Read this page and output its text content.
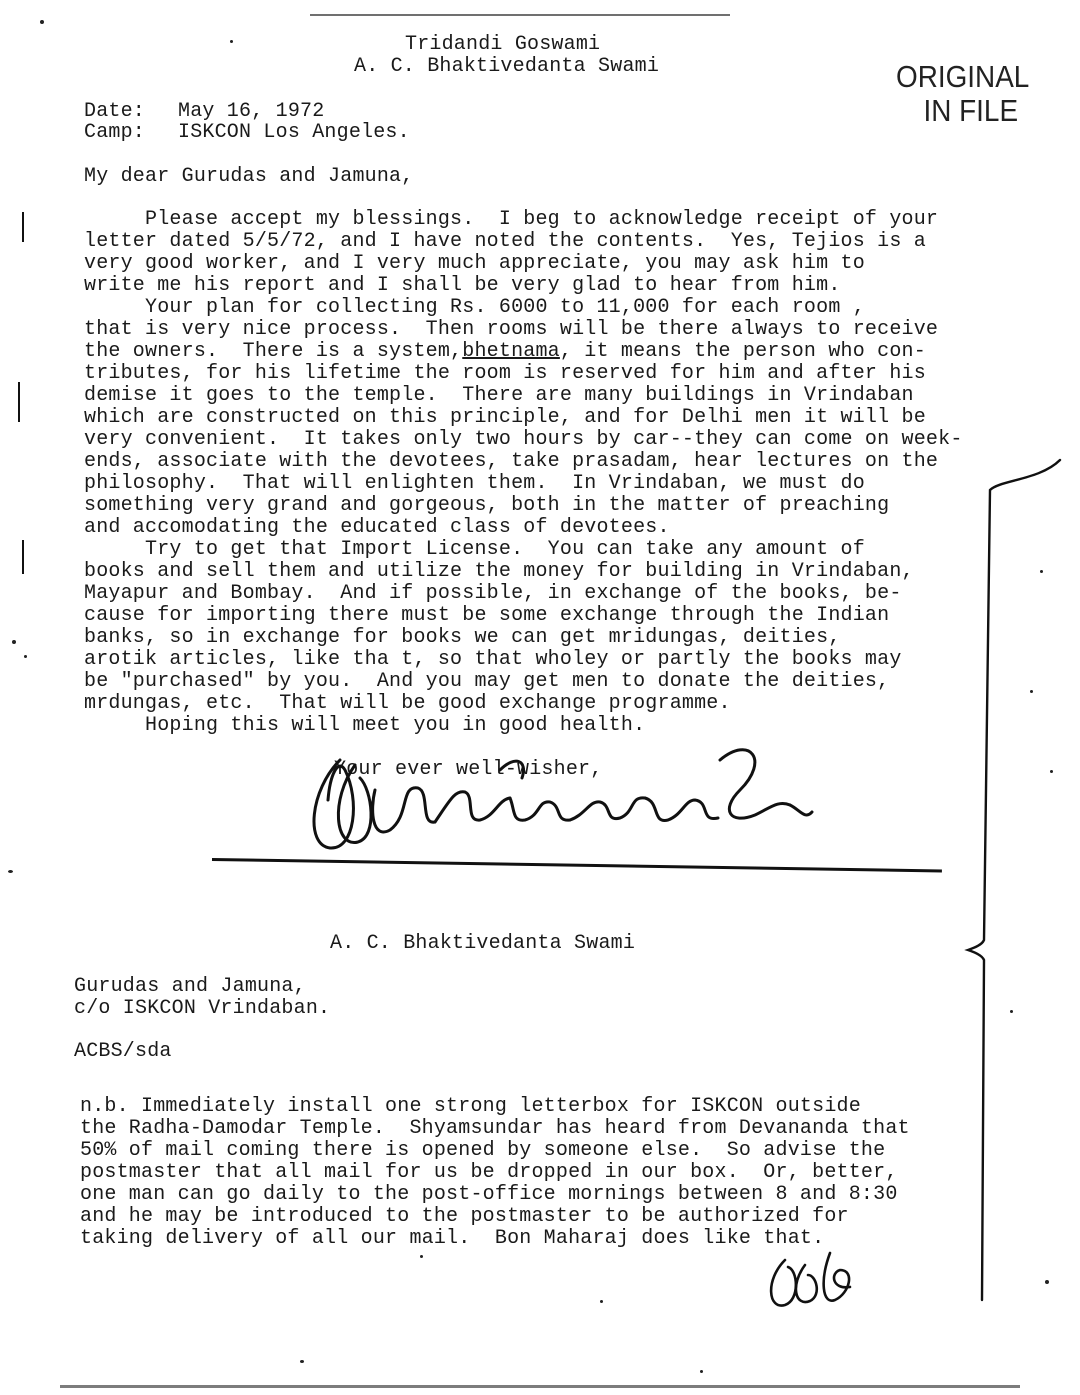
Tridandi Goswami
A. C. Bhaktivedanta Swami	ORIGINAL
IN FILE
Date: May 16, 1972
Camp: ISKCON Los Angeles.
My dear Gurudas and Jamuna,
Please accept my blessings.  I beg to acknowledge receipt of your
letter dated 5/5/72, and I have noted the contents.  Yes, Tejios is a
very good worker, and I very much appreciate, you may ask him to
write me his report and I shall be very glad to hear from him.
Your plan for collecting Rs. 6000 to 11,000 for each room ,
that is very nice process.  Then rooms will be there always to receive
the owners.  There is a system,bhetnama, it means the person who con-
tributes, for his lifetime the room is reserved for him and after his
demise it goes to the temple.  There are many buildings in Vrindaban
which are constructed on this principle, and for Delhi men it will be
very convenient.  It takes only two hours by car--they can come on week-
ends, associate with the devotees, take prasadam, hear lectures on the
philosophy.  That will enlighten them.  In Vrindaban, we must do
something very grand and gorgeous, both in the matter of preaching
and accomodating the educated class of devotees.
Try to get that Import License.  You can take any amount of
books and sell them and utilize the money for building in Vrindaban,
Mayapur and Bombay.  And if possible, in exchange of the books, be-
cause for importing there must be some exchange through the Indian
banks, so in exchange for books we can get mridungas, deities,
arotik articles, like tha t, so that wholey or partly the books may
be "purchased" by you.  And you may get men to donate the deities,
mrdungas, etc.  That will be good exchange programme.
Hoping this will meet you in good health.
Your ever well-wisher,
A. C. Bhaktivedanta Swami
Gurudas and Jamuna,
c/o ISKCON Vrindaban.
ACBS/sda
n.b. Immediately install one strong letterbox for ISKCON outside
the Radha-Damodar Temple.  Shyamsundar has heard from Devananda that
50% of mail coming there is opened by someone else.  So advise the
postmaster that all mail for us be dropped in our box.  Or, better,
one man can go daily to the post-office mornings between 8 and 8:30
and he may be introduced to the postmaster to be authorized for
taking delivery of all our mail.  Bon Maharaj does like that.
